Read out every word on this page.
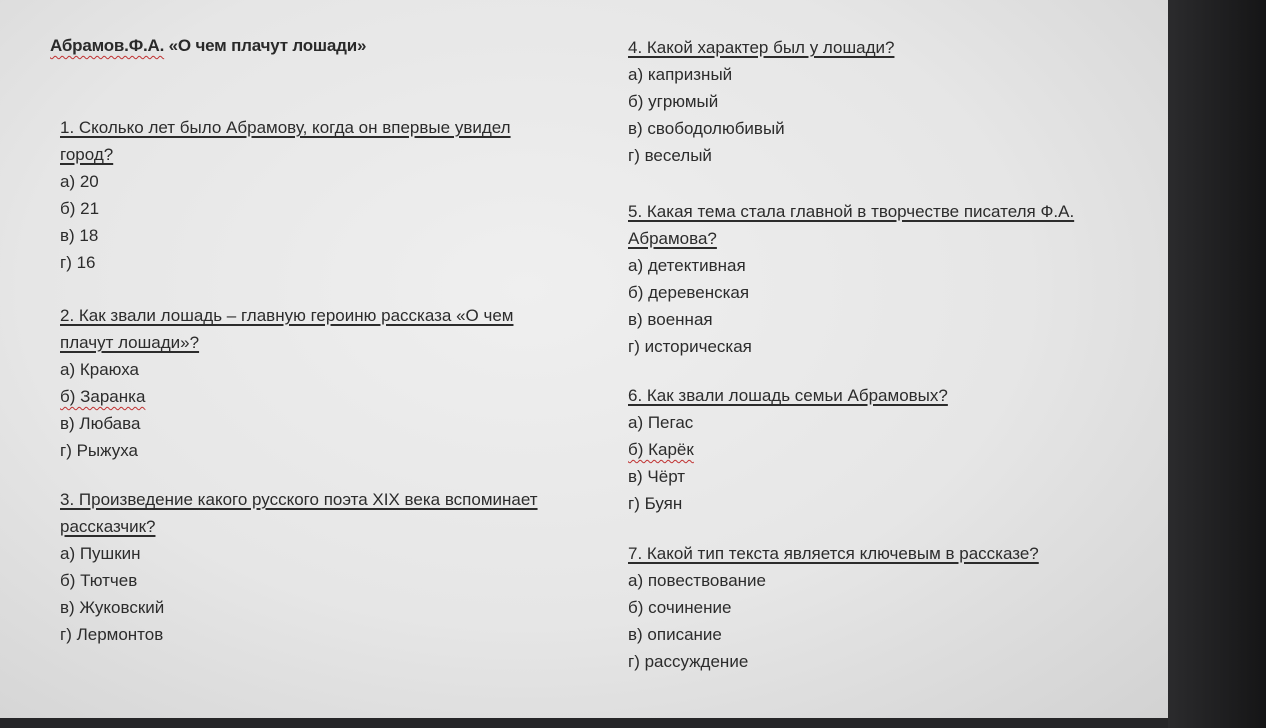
Абрамов.Ф.А. «О чем плачут лошади»
1. Сколько лет было Абрамову, когда он впервые увидел город?
а) 20
б) 21
в) 18
г) 16
2. Как звали лошадь – главную героиню рассказа «О чем плачут лошади»?
а) Краюха
б) Заранка
в) Любава
г) Рыжуха
3. Произведение какого русского поэта XIX века вспоминает рассказчик?
а) Пушкин
б) Тютчев
в) Жуковский
г) Лермонтов
4. Какой характер был у лошади?
а) капризный
б) угрюмый
в) свободолюбивый
г) веселый
5. Какая тема стала главной в творчестве писателя Ф.А. Абрамова?
а) детективная
б) деревенская
в) военная
г) историческая
6. Как звали лошадь семьи Абрамовых?
а) Пегас
б) Карёк
в) Чёрт
г) Буян
7. Какой тип текста является ключевым в рассказе?
а) повествование
б) сочинение
в) описание
г) рассуждение
